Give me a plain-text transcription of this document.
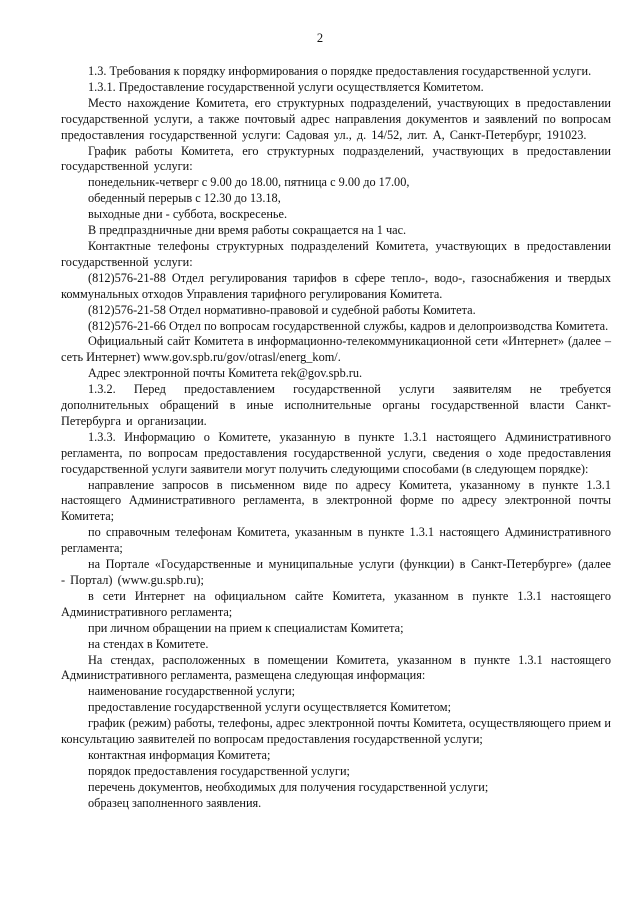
2

1.3. Требования к порядку информирования о порядке предоставления государственной услуги.

1.3.1. Предоставление государственной услуги осуществляется Комитетом.

Место нахождение Комитета, его структурных подразделений, участвующих в предоставлении государственной услуги, а также почтовый адрес направления документов и заявлений по вопросам предоставления государственной услуги: Садовая ул., д. 14/52, лит. А, Санкт-Петербург, 191023.

График работы Комитета, его структурных подразделений, участвующих в предоставлении государственной услуги:

понедельник-четверг с 9.00 до 18.00, пятница с 9.00 до 17.00,

обеденный перерыв с 12.30 до 13.18,

выходные дни - суббота, воскресенье.

В предпраздничные дни время работы сокращается на 1 час.

Контактные телефоны структурных подразделений Комитета, участвующих в предоставлении государственной услуги:

(812)576-21-88 Отдел регулирования тарифов в сфере тепло-, водо-, газоснабжения и твердых коммунальных отходов Управления тарифного регулирования Комитета.

(812)576-21-58 Отдел нормативно-правовой и судебной работы Комитета.

(812)576-21-66 Отдел по вопросам государственной службы, кадров и делопроизводства Комитета.

Официальный сайт Комитета в информационно-телекоммуникационной сети «Интернет» (далее – сеть Интернет) www.gov.spb.ru/gov/otrasl/energ_kom/.

Адрес электронной почты Комитета rek@gov.spb.ru.

1.3.2. Перед предоставлением государственной услуги заявителям не требуется дополнительных обращений в иные исполнительные органы государственной власти Санкт-Петербурга и организации.

1.3.3. Информацию о Комитете, указанную в пункте 1.3.1 настоящего Административного регламента, по вопросам предоставления государственной услуги, сведения о ходе предоставления государственной услуги заявители могут получить следующими способами (в следующем порядке):

направление запросов в письменном виде по адресу Комитета, указанному в пункте 1.3.1 настоящего Административного регламента, в электронной форме по адресу электронной почты Комитета;

по справочным телефонам Комитета, указанным в пункте 1.3.1 настоящего Административного регламента;

на Портале «Государственные и муниципальные услуги (функции) в Санкт-Петербурге» (далее - Портал) (www.gu.spb.ru);

в сети Интернет на официальном сайте Комитета, указанном в пункте 1.3.1 настоящего Административного регламента;

при личном обращении на прием к специалистам Комитета;

на стендах в Комитете.

На стендах, расположенных в помещении Комитета, указанном в пункте 1.3.1 настоящего Административного регламента, размещена следующая информация:

наименование государственной услуги;

предоставление государственной услуги осуществляется Комитетом;

график (режим) работы, телефоны, адрес электронной почты Комитета, осуществляющего прием и консультацию заявителей по вопросам предоставления государственной услуги;

контактная информация Комитета;

порядок предоставления государственной услуги;

перечень документов, необходимых для получения государственной услуги;

образец заполненного заявления.
